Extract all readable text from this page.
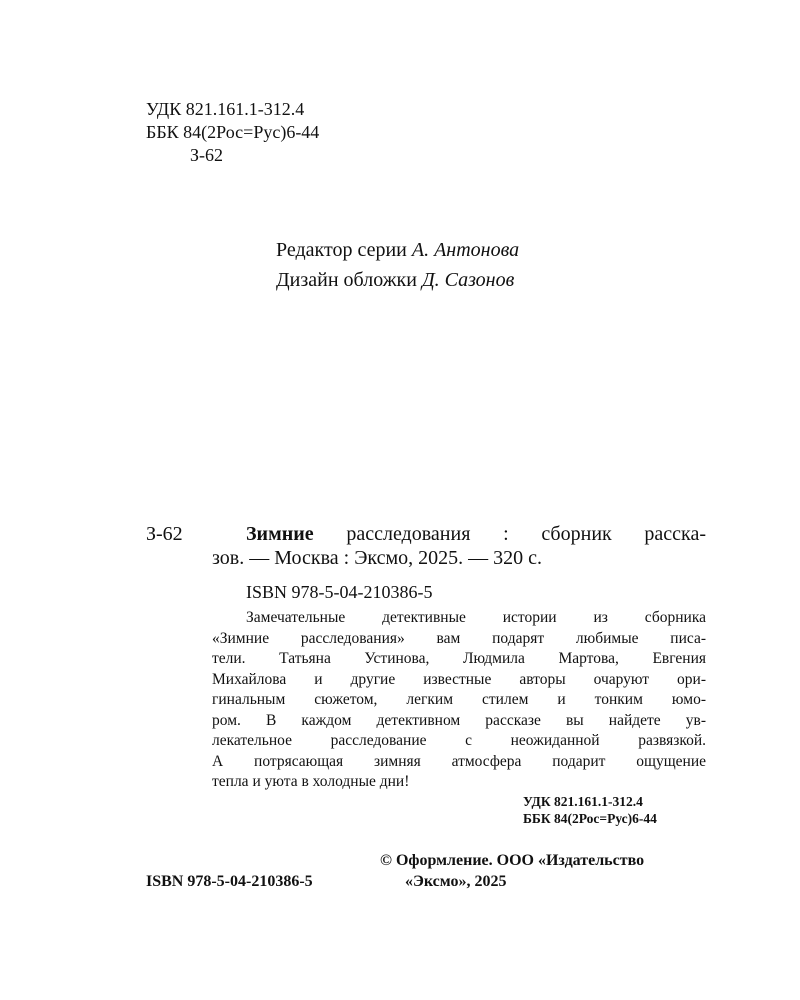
УДК 821.161.1-312.4
ББК 84(2Рос=Рус)6-44
З-62
Редактор серии А. Антонова
Дизайн обложки Д. Сазонов
З-62	Зимние расследования : сборник расска-
зов. — Москва : Эксмо, 2025. — 320 с.
ISBN 978-5-04-210386-5
Замечательные детективные истории из сборника
«Зимние расследования» вам подарят любимые писа-
тели. Татьяна Устинова, Людмила Мартова, Евгения
Михайлова и другие известные авторы очаруют ори-
гинальным сюжетом, легким стилем и тонким юмо-
ром. В каждом детективном рассказе вы найдете ув-
лекательное расследование с неожиданной развязкой.
А потрясающая зимняя атмосфера подарит ощущение
тепла и уюта в холодные дни!
УДК 821.161.1-312.4
ББК 84(2Рос=Рус)6-44
© Оформление. ООО «Издательство
«Эксмо», 2025
ISBN 978-5-04-210386-5
